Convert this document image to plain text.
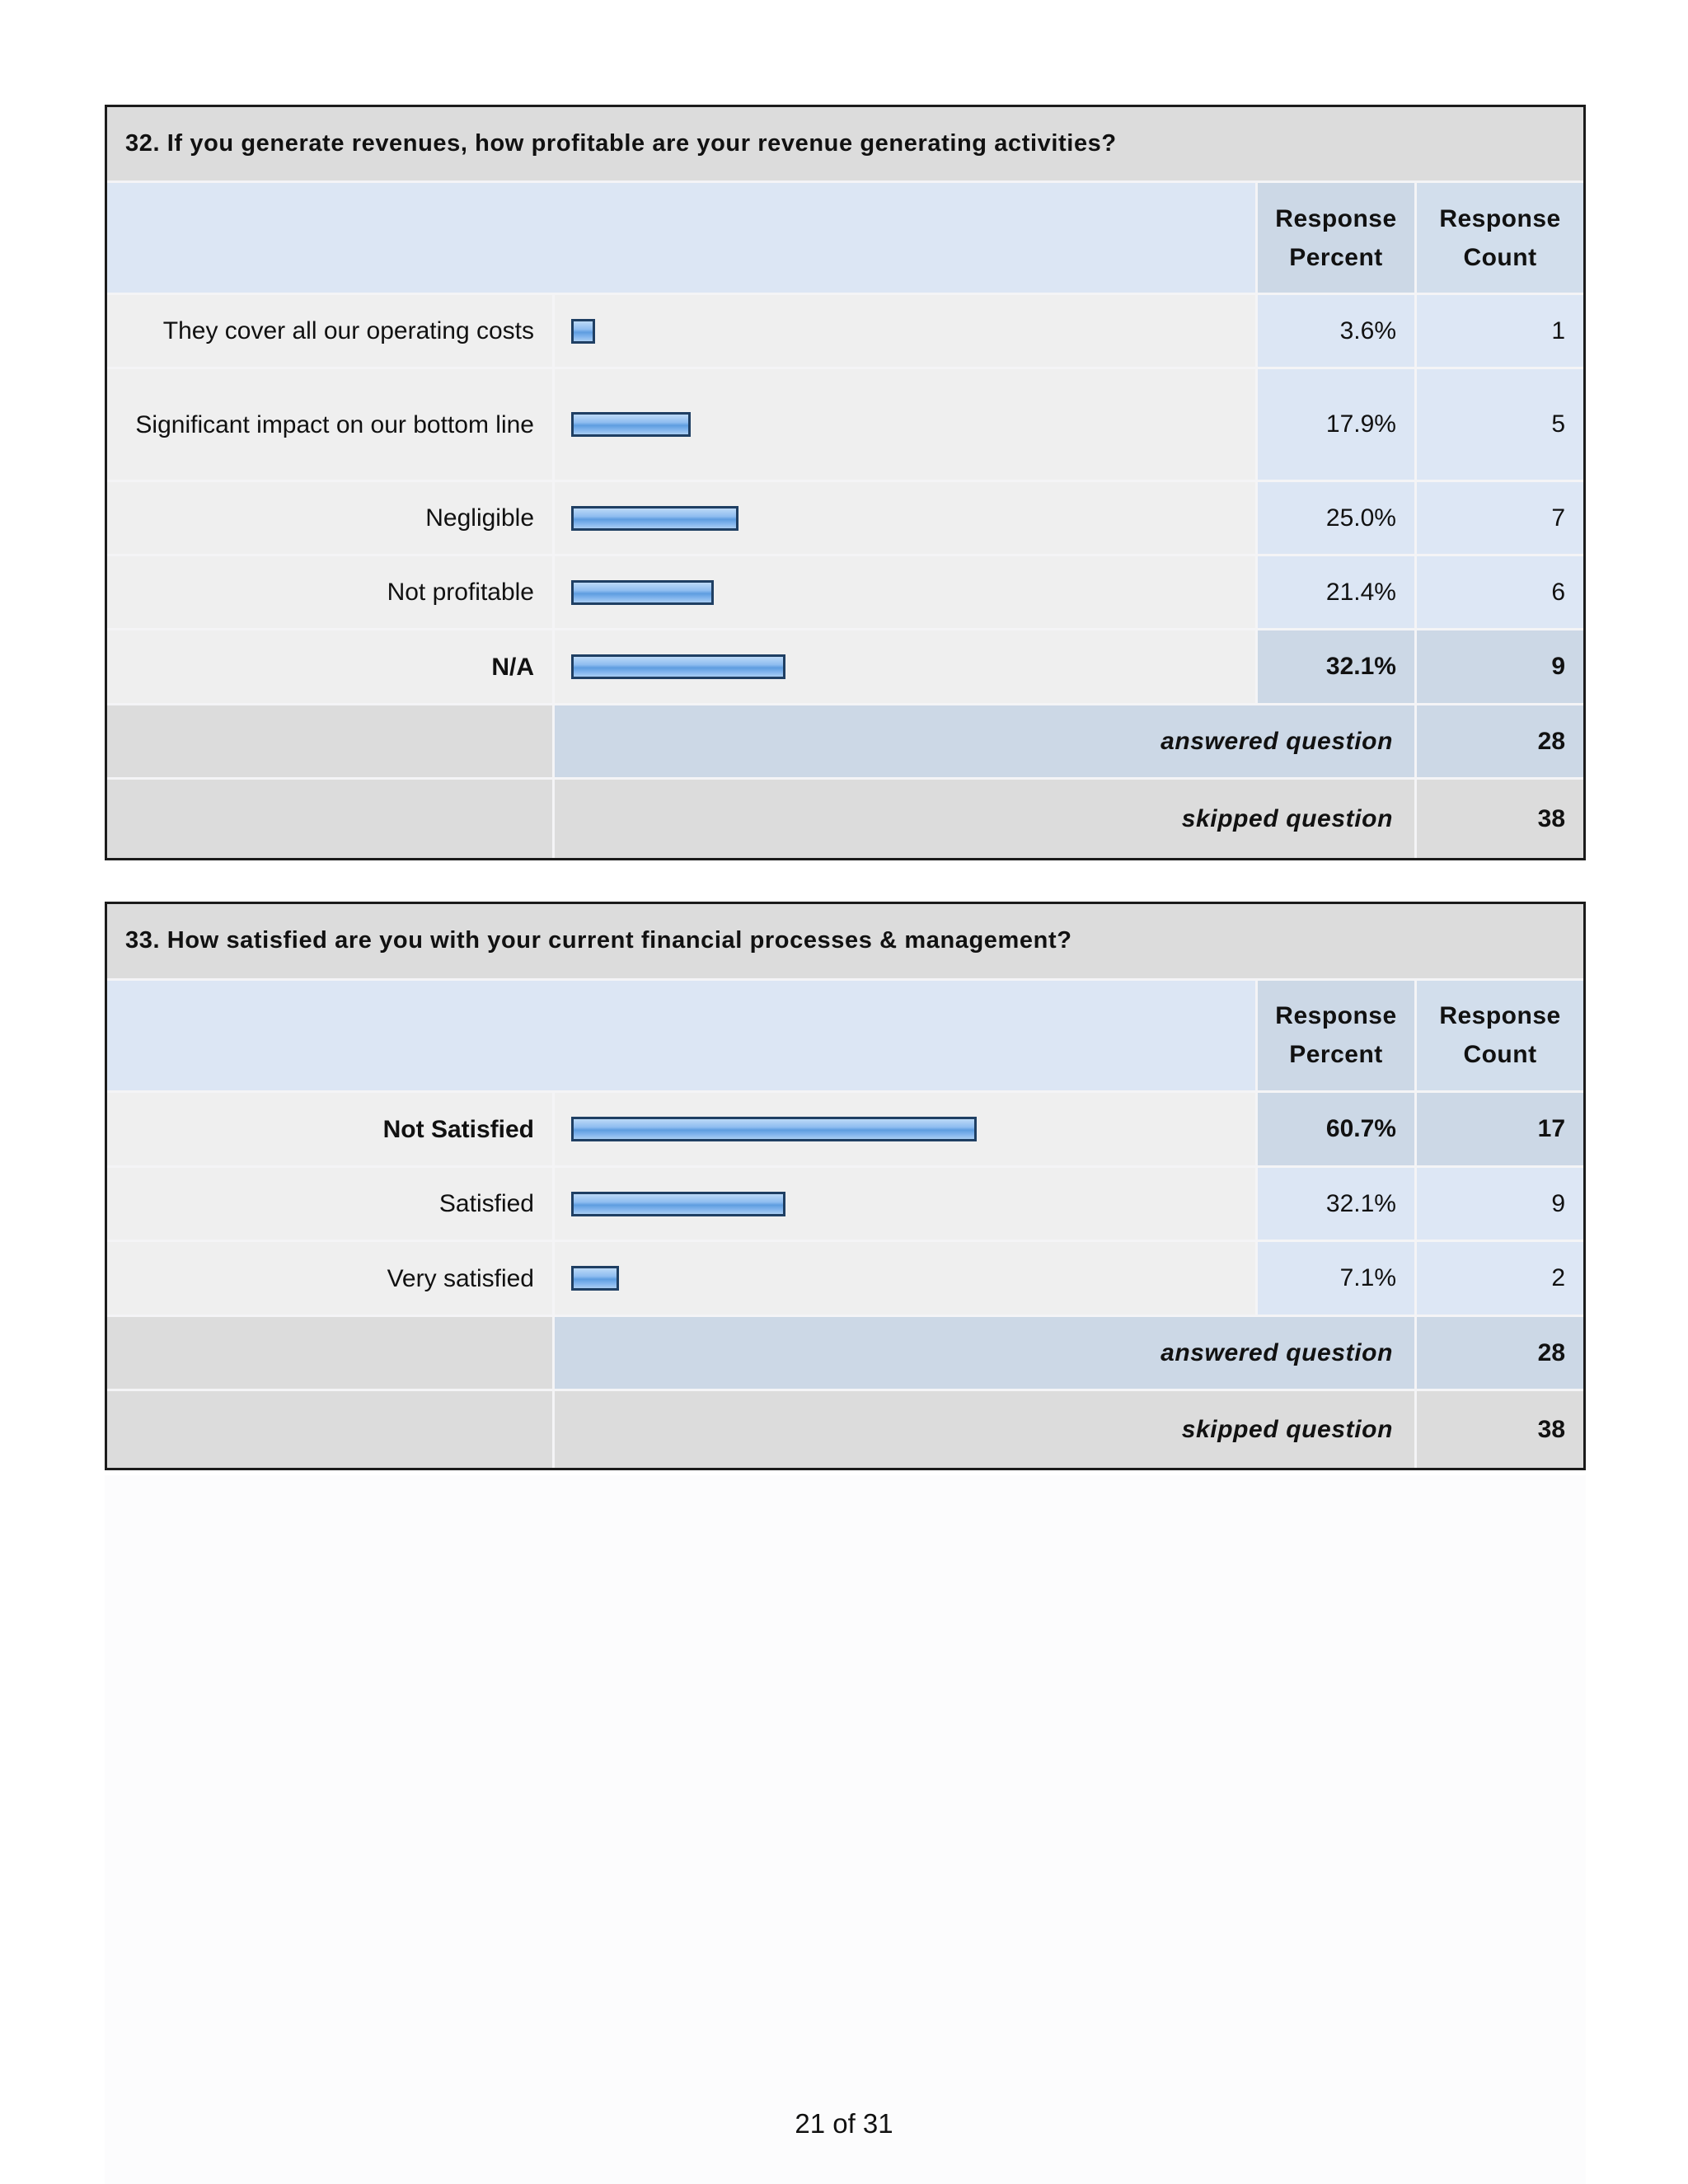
32. If you generate revenues, how profitable are your revenue generating activities?			
		Response Percent	Response Count
They cover all our operating costs		3.6%	1
Significant impact on our bottom line		17.9%	5
Negligible		25.0%	7
Not profitable		21.4%	6
N/A		32.1%	9
	answered question		28
	skipped question		38
33. How satisfied are you with your current financial processes & management?			
		Response Percent	Response Count
Not Satisfied		60.7%	17
Satisfied		32.1%	9
Very satisfied		7.1%	2
	answered question		28
	skipped question		38
21 of 31
